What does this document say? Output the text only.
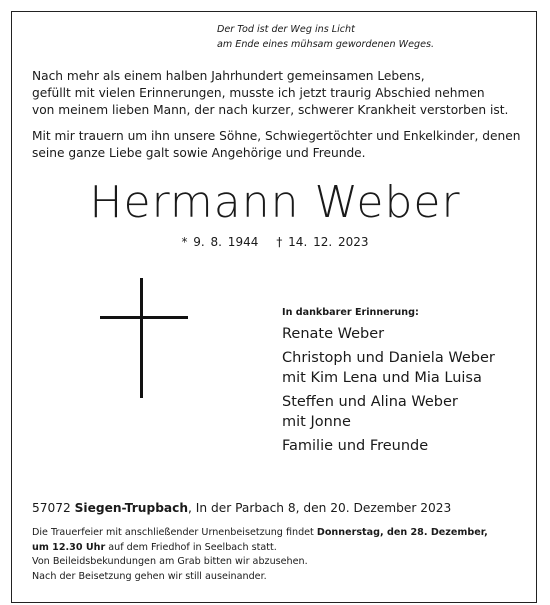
Der Tod ist der Weg ins Licht
am Ende eines mühsam gewordenen Weges.

Nach mehr als einem halben Jahrhundert gemeinsamen Lebens,
gefüllt mit vielen Erinnerungen, musste ich jetzt traurig Abschied nehmen
von meinem lieben Mann, der nach kurzer, schwerer Krankheit verstorben ist.

Mit mir trauern um ihn unsere Söhne, Schwiegertöchter und Enkelkinder, denen
seine ganze Liebe galt sowie Angehörige und Freunde.

Hermann Weber
* 9. 8. 1944 † 14. 12. 2023
In dankbarer Erinnerung:
Renate Weber
Christoph und Daniela Weber
mit Kim Lena und Mia Luisa
Steffen und Alina Weber
mit Jonne
Familie und Freunde
57072 Siegen-Trupbach, In der Parbach 8, den 20. Dezember 2023

Die Trauerfeier mit anschließender Urnenbeisetzung findet Donnerstag, den 28. Dezember,
um 12.30 Uhr auf dem Friedhof in Seelbach statt.

Von Beileidsbekundungen am Grab bitten wir abzusehen.

Nach der Beisetzung gehen wir still auseinander.
